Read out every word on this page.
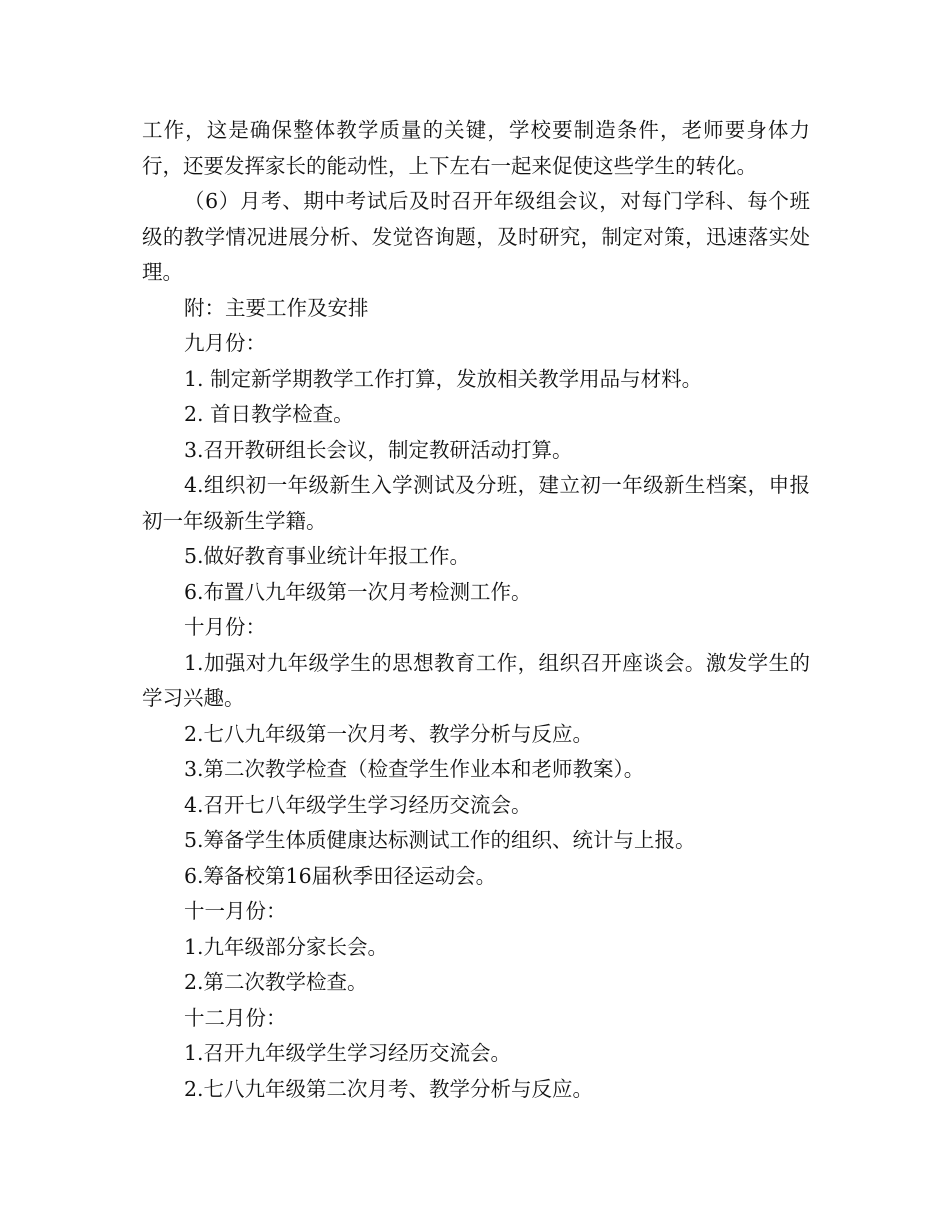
工作，这是确保整体教学质量的关键，学校要制造条件，老师要身体力行，还要发挥家长的能动性，上下左右一起来促使这些学生的转化。

（6）月考、期中考试后及时召开年级组会议，对每门学科、每个班级的教学情况进展分析、发觉咨询题，及时研究，制定对策，迅速落实处理。

附：主要工作及安排

九月份：

1. 制定新学期教学工作打算，发放相关教学用品与材料。

2. 首日教学检查。

3.召开教研组长会议，制定教研活动打算。

4.组织初一年级新生入学测试及分班，建立初一年级新生档案，申报初一年级新生学籍。

5.做好教育事业统计年报工作。

6.布置八九年级第一次月考检测工作。

十月份：

1.加强对九年级学生的思想教育工作，组织召开座谈会。激发学生的学习兴趣。

2.七八九年级第一次月考、教学分析与反应。

3.第二次教学检查（检查学生作业本和老师教案）。

4.召开七八年级学生学习经历交流会。

5.筹备学生体质健康达标测试工作的组织、统计与上报。

6.筹备校第16届秋季田径运动会。

十一月份：

1.九年级部分家长会。

2.第二次教学检查。

十二月份：

1.召开九年级学生学习经历交流会。

2.七八九年级第二次月考、教学分析与反应。
